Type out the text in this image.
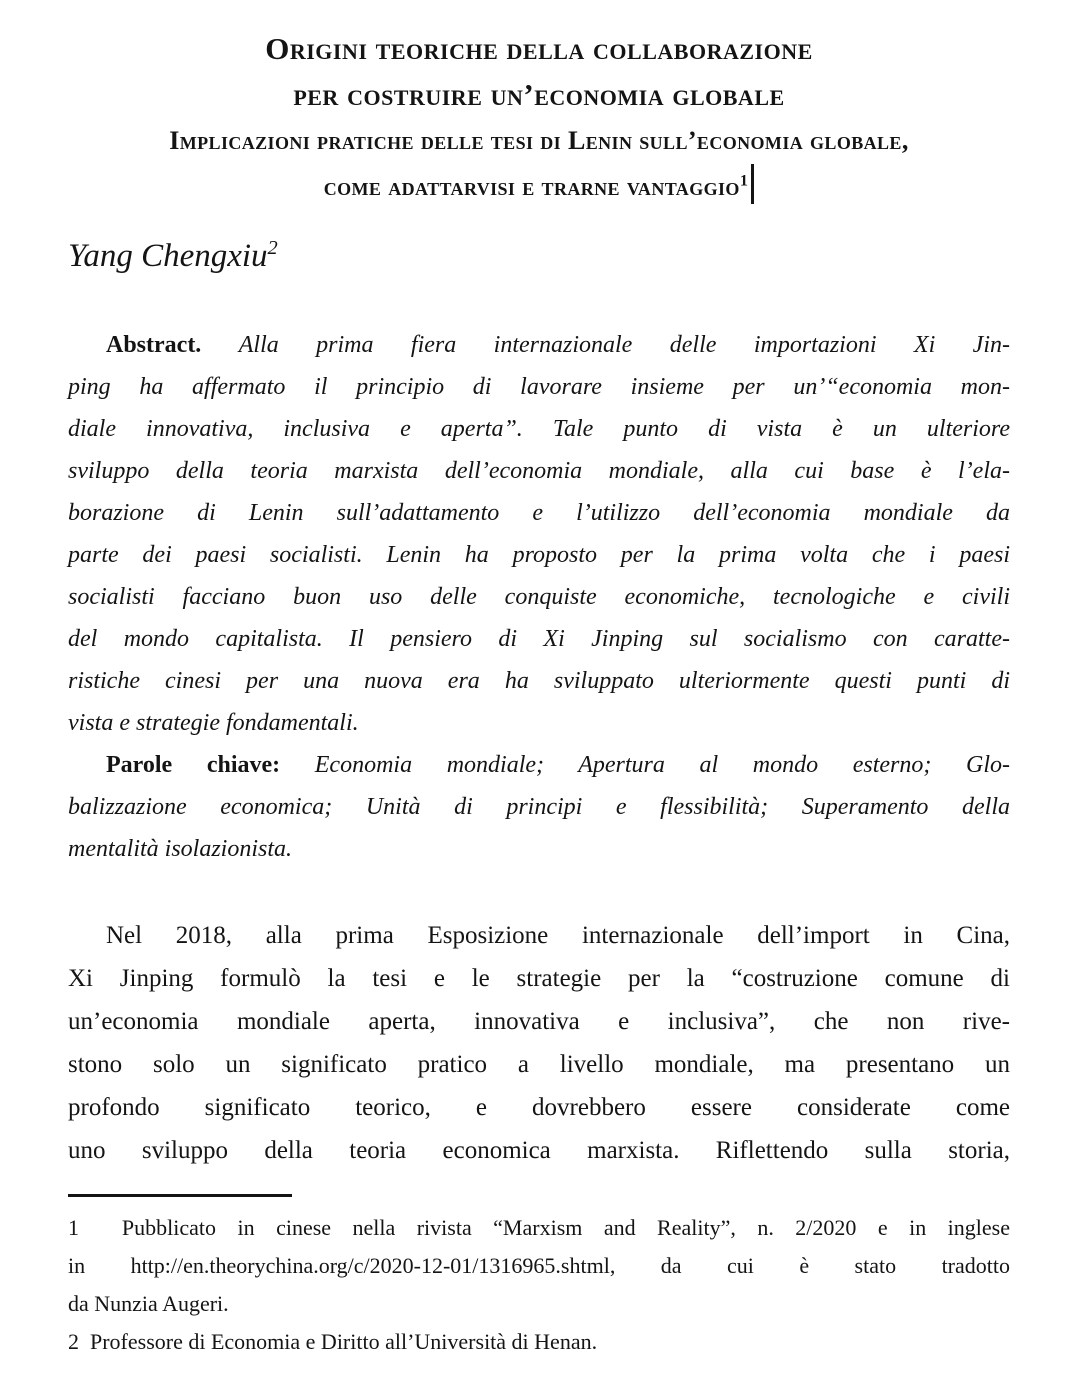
Origini teoriche della collaborazione
per costruire un’economia globale
Implicazioni pratiche delle tesi di Lenin sull’economia globale,
come adattarvisi e trarne vantaggio$^1$
Yang Chengxiu$^2$
Abstract. Alla prima fiera internazionale delle importazioni Xi Jin-
ping ha affermato il principio di lavorare insieme per un’“economia mon-
diale innovativa, inclusiva e aperta”. Tale punto di vista è un ulteriore
sviluppo della teoria marxista dell’economia mondiale, alla cui base è l’ela-
borazione di Lenin sull’adattamento e l’utilizzo dell’economia mondiale da
parte dei paesi socialisti. Lenin ha proposto per la prima volta che i paesi
socialisti facciano buon uso delle conquiste economiche, tecnologiche e civili
del mondo capitalista. Il pensiero di Xi Jinping sul socialismo con caratte-
ristiche cinesi per una nuova era ha sviluppato ulteriormente questi punti di
vista e strategie fondamentali.
Parole chiave: Economia mondiale; Apertura al mondo esterno; Glo-
balizzazione economica; Unità di principi e flessibilità; Superamento della
mentalità isolazionista.
Nel 2018, alla prima Esposizione internazionale dell’import in Cina,
Xi Jinping formulò la tesi e le strategie per la “costruzione comune di
un’economia mondiale aperta, innovativa e inclusiva”, che non rive-
stono solo un significato pratico a livello mondiale, ma presentano un
profondo significato teorico, e dovrebbero essere considerate come
uno sviluppo della teoria economica marxista. Riflettendo sulla storia,
1  Pubblicato in cinese nella rivista “Marxism and Reality”, n. 2/2020 e in inglese
in http://en.theorychina.org/c/2020-12-01/1316965.shtml, da cui è stato tradotto
da Nunzia Augeri.
2  Professore di Economia e Diritto all’Università di Henan.
